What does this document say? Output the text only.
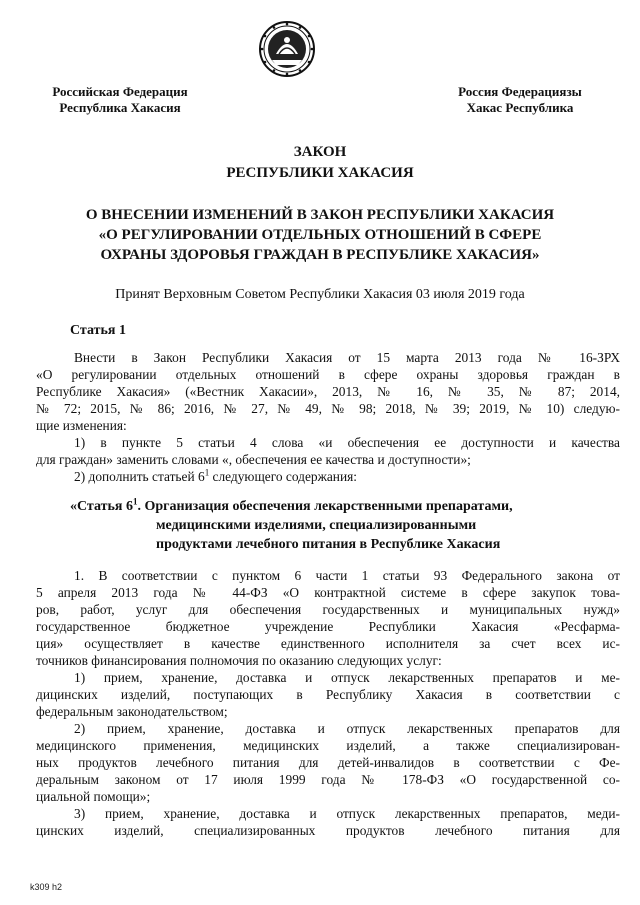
Российская Федерация
Республика Хакасия
Россия Федерациязы
Хакас Республика
ЗАКОН
РЕСПУБЛИКИ ХАКАСИЯ
О ВНЕСЕНИИ ИЗМЕНЕНИЙ В ЗАКОН РЕСПУБЛИКИ ХАКАСИЯ
«О РЕГУЛИРОВАНИИ ОТДЕЛЬНЫХ ОТНОШЕНИЙ В СФЕРЕ
ОХРАНЫ ЗДОРОВЬЯ ГРАЖДАН В РЕСПУБЛИКЕ ХАКАСИЯ»
Принят Верховным Советом Республики Хакасия 03 июля 2019 года
Статья 1
Внести в Закон Республики Хакасия от 15 марта 2013 года № 16-ЗРХ
«О регулировании отдельных отношений в сфере охраны здоровья граждан в
Республике Хакасия» («Вестник Хакасии», 2013, № 16, № 35, № 87; 2014,
№ 72; 2015, № 86; 2016, № 27, № 49, № 98; 2018, № 39; 2019, № 10) следую-
щие изменения:
1) в пункте 5 статьи 4 слова «и обеспечения ее доступности и качества
для граждан» заменить словами «, обеспечения ее качества и доступности»;
2) дополнить статьей $6^1$ следующего содержания:
«Статья $6^1$. Организация обеспечения лекарственными препаратами,
медицинскими изделиями, специализированными
продуктами лечебного питания в Республике Хакасия
1. В соответствии с пунктом 6 части 1 статьи 93 Федерального закона от
5 апреля 2013 года № 44-ФЗ «О контрактной системе в сфере закупок това-
ров, работ, услуг для обеспечения государственных и муниципальных нужд»
государственное бюджетное учреждение Республики Хакасия «Ресфарма-
ция» осуществляет в качестве единственного исполнителя за счет всех ис-
точников финансирования полномочия по оказанию следующих услуг:
1) прием, хранение, доставка и отпуск лекарственных препаратов и ме-
дицинских изделий, поступающих в Республику Хакасия в соответствии с
федеральным законодательством;
2) прием, хранение, доставка и отпуск лекарственных препаратов для
медицинского применения, медицинских изделий, а также специализирован-
ных продуктов лечебного питания для детей-инвалидов в соответствии с Фе-
деральным законом от 17 июля 1999 года № 178-ФЗ «О государственной со-
циальной помощи»;
3) прием, хранение, доставка и отпуск лекарственных препаратов, меди-
цинских изделий, специализированных продуктов лечебного питания для
k309 h2
